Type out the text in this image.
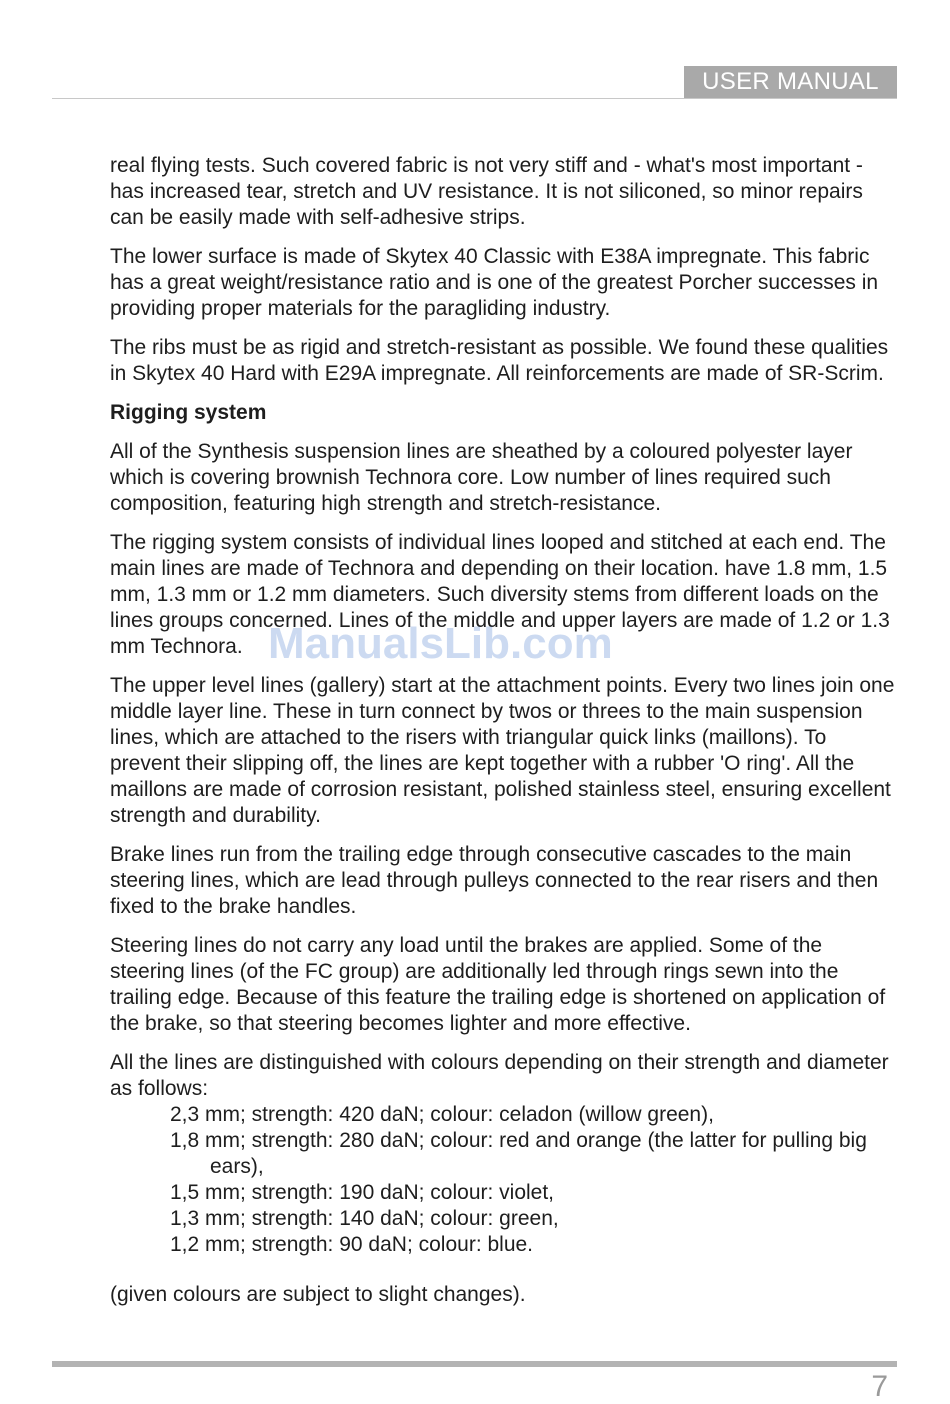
USER MANUAL

real flying tests. Such covered fabric is not very stiff and - what's most important - has increased tear, stretch and UV resistance. It is not siliconed, so minor repairs can be easily made with self-adhesive strips.

The lower surface is made of Skytex 40 Classic with E38A impregnate. This fabric has a great weight/resistance ratio and is one of the greatest Porcher successes in providing proper materials for the paragliding industry.

The ribs must be as rigid and stretch-resistant as possible. We found these qualities in Skytex 40 Hard with E29A impregnate. All reinforcements are made of SR-Scrim.

Rigging system

All of the Synthesis suspension lines are sheathed by a coloured polyester layer which is covering brownish Technora core. Low number of lines required such composition, featuring high strength and stretch-resistance.

The rigging system consists of individual lines looped and stitched at each end. The main lines are made of Technora and depending on their location. have 1.8 mm, 1.5 mm, 1.3 mm or 1.2 mm diameters. Such diversity stems from different loads on the lines groups concerned. Lines of the middle and upper layers are made of 1.2 or 1.3 mm Technora.

The upper level lines (gallery) start at the attachment points. Every two lines join one middle layer line. These in turn connect by twos or threes to the main suspension lines, which are attached to the risers with triangular quick links (maillons). To prevent their slipping off, the lines are kept together with a rubber 'O ring'. All the maillons are made of corrosion resistant, polished stainless steel, ensuring excellent strength and durability.

Brake lines run from the trailing edge through consecutive cascades to the main steering lines, which are lead through pulleys connected to the rear risers and then fixed to the brake handles.

Steering lines do not carry any load until the brakes are applied. Some of the steering lines (of the FC group) are additionally led through rings sewn into the trailing edge. Because of this feature the trailing edge is shortened on application of the brake, so that steering becomes lighter and more effective.

All the lines are distinguished with colours depending on their strength and diameter as follows:

2,3 mm; strength: 420 daN; colour: celadon (willow green),
1,8 mm; strength: 280 daN; colour: red and orange (the latter for pulling big ears),
1,5 mm; strength: 190 daN; colour: violet,
1,3 mm; strength: 140 daN; colour: green,
1,2 mm; strength: 90 daN; colour: blue.

(given colours are subject to slight changes).

ManualsLib.com
7
